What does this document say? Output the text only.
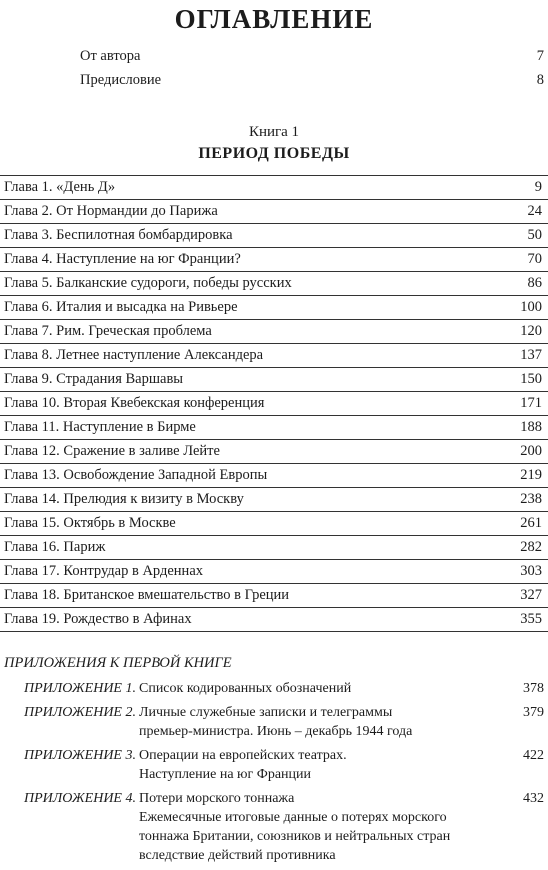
ОГЛАВЛЕНИЕ
От автора	7
Предисловие	8
Книга 1
ПЕРИОД ПОБЕДЫ
Глава 1. «День Д»	9
Глава 2. От Нормандии до Парижа	24
Глава 3. Беспилотная бомбардировка	50
Глава 4. Наступление на юг Франции?	70
Глава 5. Балканские судороги, победы русских	86
Глава 6. Италия и высадка на Ривьере	100
Глава 7. Рим. Греческая проблема	120
Глава 8. Летнее наступление Александера	137
Глава 9. Страдания Варшавы	150
Глава 10. Вторая Квебекская конференция	171
Глава 11. Наступление в Бирме	188
Глава 12. Сражение в заливе Лейте	200
Глава 13. Освобождение Западной Европы	219
Глава 14. Прелюдия к визиту в Москву	238
Глава 15. Октябрь в Москве	261
Глава 16. Париж	282
Глава 17. Контрудар в Арденнах	303
Глава 18. Британское вмешательство в Греции	327
Глава 19. Рождество в Афинах	355
ПРИЛОЖЕНИЯ К ПЕРВОЙ КНИГЕ
ПРИЛОЖЕНИЕ 1. Список кодированных обозначений	378
ПРИЛОЖЕНИЕ 2. Личные служебные записки и телеграммы
премьер-министра. Июнь – декабрь 1944 года
379
ПРИЛОЖЕНИЕ 3. Операции на европейских театрах.
Наступление на юг Франции
422
ПРИЛОЖЕНИЕ 4. Потери морского тоннажа
Ежемесячные итоговые данные о потерях морского
тоннажа Британии, союзников и нейтральных стран
вследствие действий противника
432
